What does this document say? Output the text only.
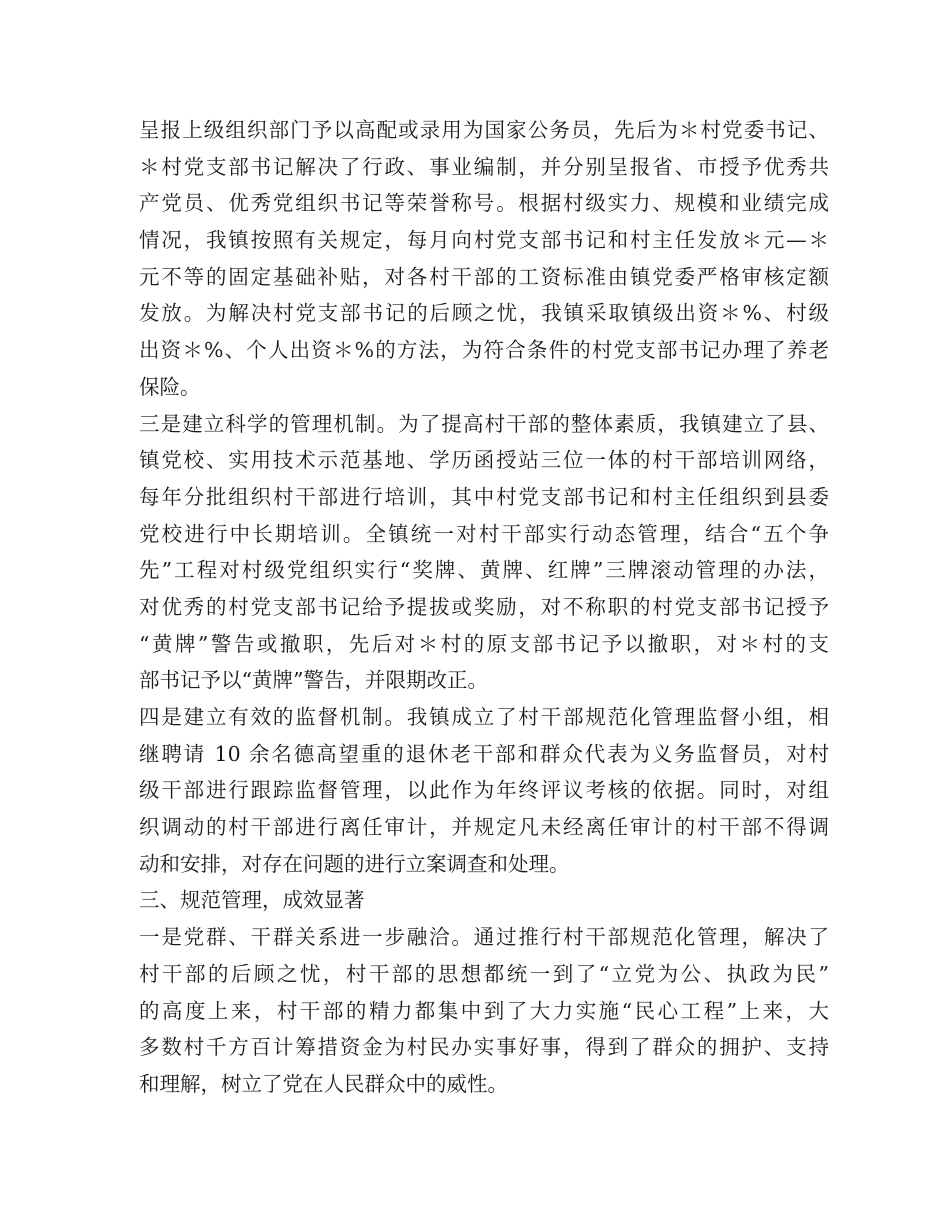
呈报上级组织部门予以高配或录用为国家公务员，先后为＊村党委书记、
＊村党支部书记解决了行政、事业编制，并分别呈报省、市授予优秀共
产党员、优秀党组织书记等荣誉称号。根据村级实力、规模和业绩完成
情况，我镇按照有关规定，每月向村党支部书记和村主任发放＊元—＊
元不等的固定基础补贴，对各村干部的工资标准由镇党委严格审核定额
发放。为解决村党支部书记的后顾之忧，我镇采取镇级出资＊%、村级
出资＊%、个人出资＊%的方法，为符合条件的村党支部书记办理了养老
保险。
三是建立科学的管理机制。为了提高村干部的整体素质，我镇建立了县、
镇党校、实用技术示范基地、学历函授站三位一体的村干部培训网络，
每年分批组织村干部进行培训，其中村党支部书记和村主任组织到县委
党校进行中长期培训。全镇统一对村干部实行动态管理，结合“五个争
先”工程对村级党组织实行“奖牌、黄牌、红牌”三牌滚动管理的办法，
对优秀的村党支部书记给予提拔或奖励，对不称职的村党支部书记授予
“黄牌”警告或撤职，先后对＊村的原支部书记予以撤职，对＊村的支
部书记予以“黄牌”警告，并限期改正。
四是建立有效的监督机制。我镇成立了村干部规范化管理监督小组，相
继聘请 10 余名德高望重的退休老干部和群众代表为义务监督员，对村
级干部进行跟踪监督管理，以此作为年终评议考核的依据。同时，对组
织调动的村干部进行离任审计，并规定凡未经离任审计的村干部不得调
动和安排，对存在问题的进行立案调查和处理。
三、规范管理，成效显著
一是党群、干群关系进一步融洽。通过推行村干部规范化管理，解决了
村干部的后顾之忧，村干部的思想都统一到了“立党为公、执政为民”
的高度上来，村干部的精力都集中到了大力实施“民心工程”上来，大
多数村千方百计筹措资金为村民办实事好事，得到了群众的拥护、支持
和理解，树立了党在人民群众中的威性。
